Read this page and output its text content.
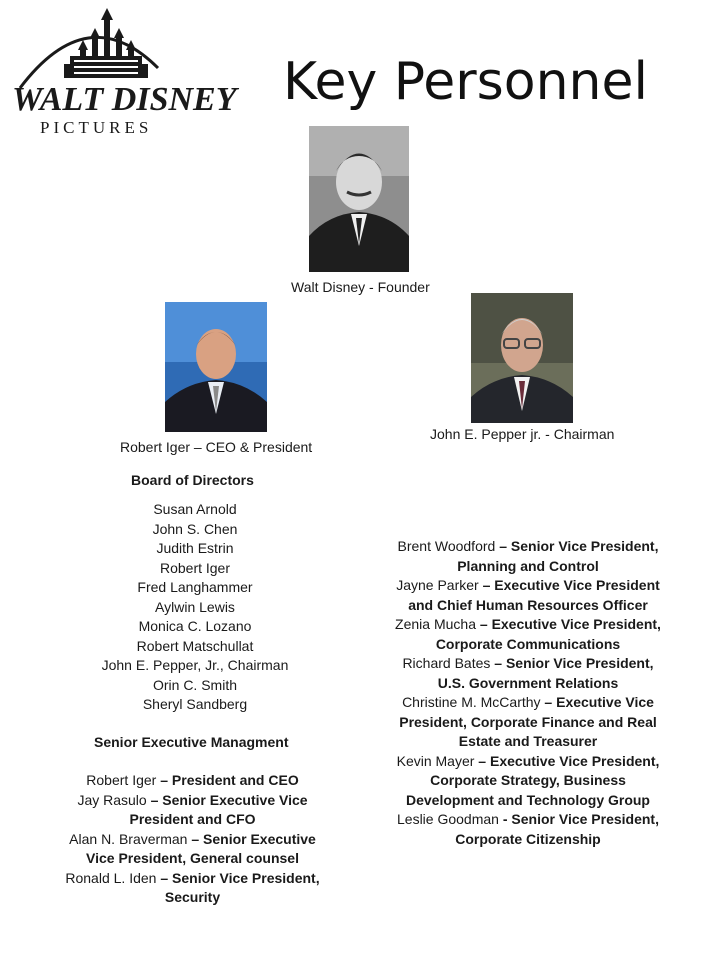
WALT DISNEY
PICTURES
Key Personnel
Walt Disney - Founder
Robert Iger – CEO & President
John E. Pepper jr. - Chairman
Board of Directors
Susan Arnold
John S. Chen
Judith Estrin
Robert Iger
Fred Langhammer
Aylwin Lewis
Monica C. Lozano
Robert Matschullat
John E. Pepper, Jr., Chairman
Orin C. Smith
Sheryl Sandberg
Senior Executive Managment
Robert Iger – President and CEO
Jay Rasulo – Senior Executive Vice
President and CFO
Alan N. Braverman – Senior Executive
Vice President, General counsel
Ronald L. Iden – Senior Vice President,
Security
Brent Woodford – Senior Vice President,
Planning and Control
Jayne Parker – Executive Vice President
and Chief Human Resources Officer
Zenia Mucha – Executive Vice President,
Corporate Communications
Richard Bates – Senior Vice President,
U.S. Government Relations
Christine M. McCarthy – Executive Vice
President, Corporate Finance and Real
Estate and Treasurer
Kevin Mayer – Executive Vice President,
Corporate Strategy, Business
Development and Technology Group
Leslie Goodman - Senior Vice President,
Corporate Citizenship
